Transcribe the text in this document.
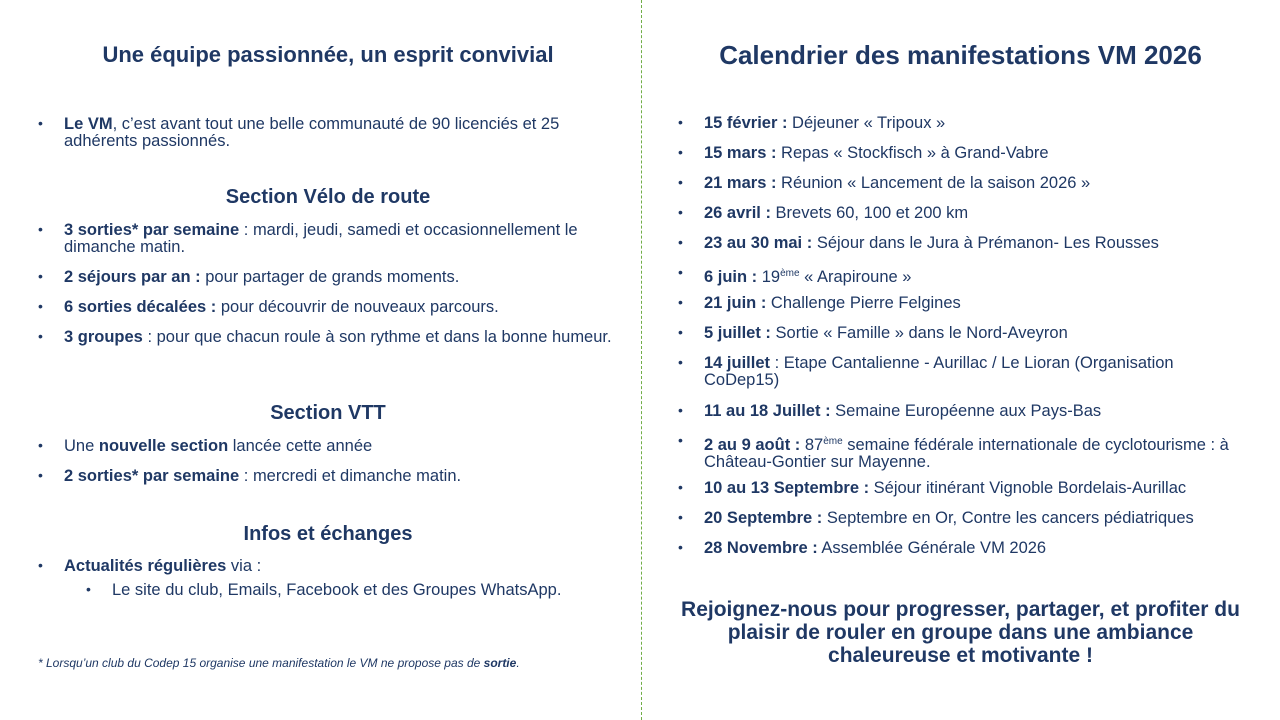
Une équipe passionnée, un esprit convivial
• Le VM, c’est avant tout une belle communauté de 90 licenciés et 25 adhérents passionnés.
Section Vélo de route
• 3 sorties* par semaine : mardi, jeudi, samedi et occasionnellement le dimanche matin.
• 2 séjours par an : pour partager de grands moments.
• 6 sorties décalées : pour découvrir de nouveaux parcours.
• 3 groupes : pour que chacun roule à son rythme et dans la bonne humeur.
Section VTT
• Une nouvelle section lancée cette année
• 2 sorties* par semaine : mercredi et dimanche matin.
Infos et échanges
• Actualités régulières via :
• Le site du club, Emails, Facebook et des Groupes WhatsApp.
* Lorsqu’un club du Codep 15 organise une manifestation le VM ne propose pas de sortie.
Calendrier des manifestations VM 2026
• 15 février : Déjeuner « Tripoux »
• 15 mars : Repas « Stockfisch » à Grand-Vabre
• 21 mars : Réunion « Lancement de la saison 2026 »
• 26 avril : Brevets 60, 100 et 200 km
• 23 au 30 mai : Séjour dans le Jura à Prémanon- Les Rousses
• 6 juin : 19ème « Arapiroune »
• 21 juin : Challenge Pierre Felgines
• 5 juillet : Sortie « Famille » dans le Nord-Aveyron
• 14 juillet : Etape Cantalienne - Aurillac / Le Lioran (Organisation CoDep15)
• 11 au 18 Juillet : Semaine Européenne aux Pays-Bas
• 2 au 9 août : 87ème semaine fédérale internationale de cyclotourisme : à Château-Gontier sur Mayenne.
• 10 au 13 Septembre : Séjour itinérant Vignoble Bordelais-Aurillac
• 20 Septembre : Septembre en Or, Contre les cancers pédiatriques
• 28 Novembre : Assemblée Générale VM 2026
Rejoignez-nous pour progresser, partager, et profiter du plaisir de rouler en groupe dans une ambiance chaleureuse et motivante !
